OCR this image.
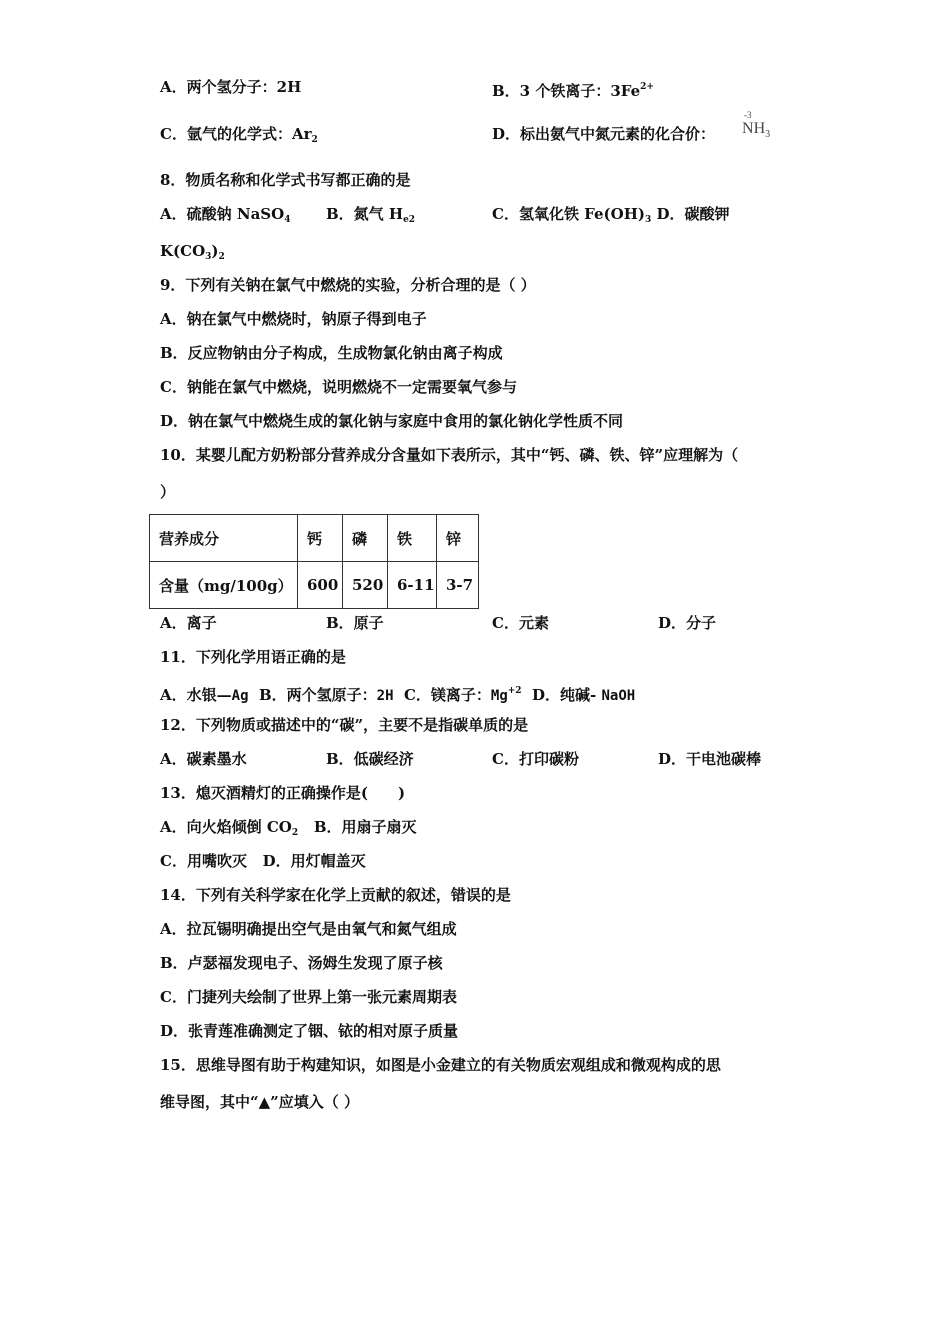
A．两个氢分子：2H	B．3 个铁离子：$3Fe^{2+}$
C．氩气的化学式：$Ar_2$	D．标出氨气中氮元素的化合价：
-3
$NH_3$
8．物质名称和化学式书写都正确的是
A．硫酸钠 NaSO$_4$ B．氮气 $H_{e2}$	C．氢氧化铁 $Fe(OH)_3$ D．碳酸钾
$K(CO_3)_2$
9．下列有关钠在氯气中燃烧的实验，分析合理的是（ ）
A．钠在氯气中燃烧时，钠原子得到电子
B．反应物钠由分子构成，生成物氯化钠由离子构成
C．钠能在氯气中燃烧，说明燃烧不一定需要氧气参与
D．钠在氯气中燃烧生成的氯化钠与家庭中食用的氯化钠化学性质不同
10．某婴儿配方奶粉部分营养成分含量如下表所示，其中“钙、磷、铁、锌”应理解为（
）
营养成分	钙	磷	铁	锌
含量（mg/100g）	600	520	6-11	3-7
A．离子	B．原子	C．元素	D．分子
11．下列化学用语正确的是
A．水银—Ag B．两个氢原子：2H C．镁离子：$Mg^{+2}$ D．纯碱- NaOH
12．下列物质或描述中的“碳”，主要不是指碳单质的是
A．碳素墨水	B．低碳经济	C．打印碳粉	D．干电池碳棒
13．熄灭酒精灯的正确操作是(　　)
A．向火焰倾倒 $CO_2$ B．用扇子扇灭
C．用嘴吹灭 D．用灯帽盖灭
14．下列有关科学家在化学上贡献的叙述，错误的是
A．拉瓦锡明确提出空气是由氧气和氮气组成
B．卢瑟福发现电子、汤姆生发现了原子核
C．门捷列夫绘制了世界上第一张元素周期表
D．张青莲准确测定了铟、铱的相对原子质量
15．思维导图有助于构建知识，如图是小金建立的有关物质宏观组成和微观构成的思
维导图，其中“▲”应填入（ ）
